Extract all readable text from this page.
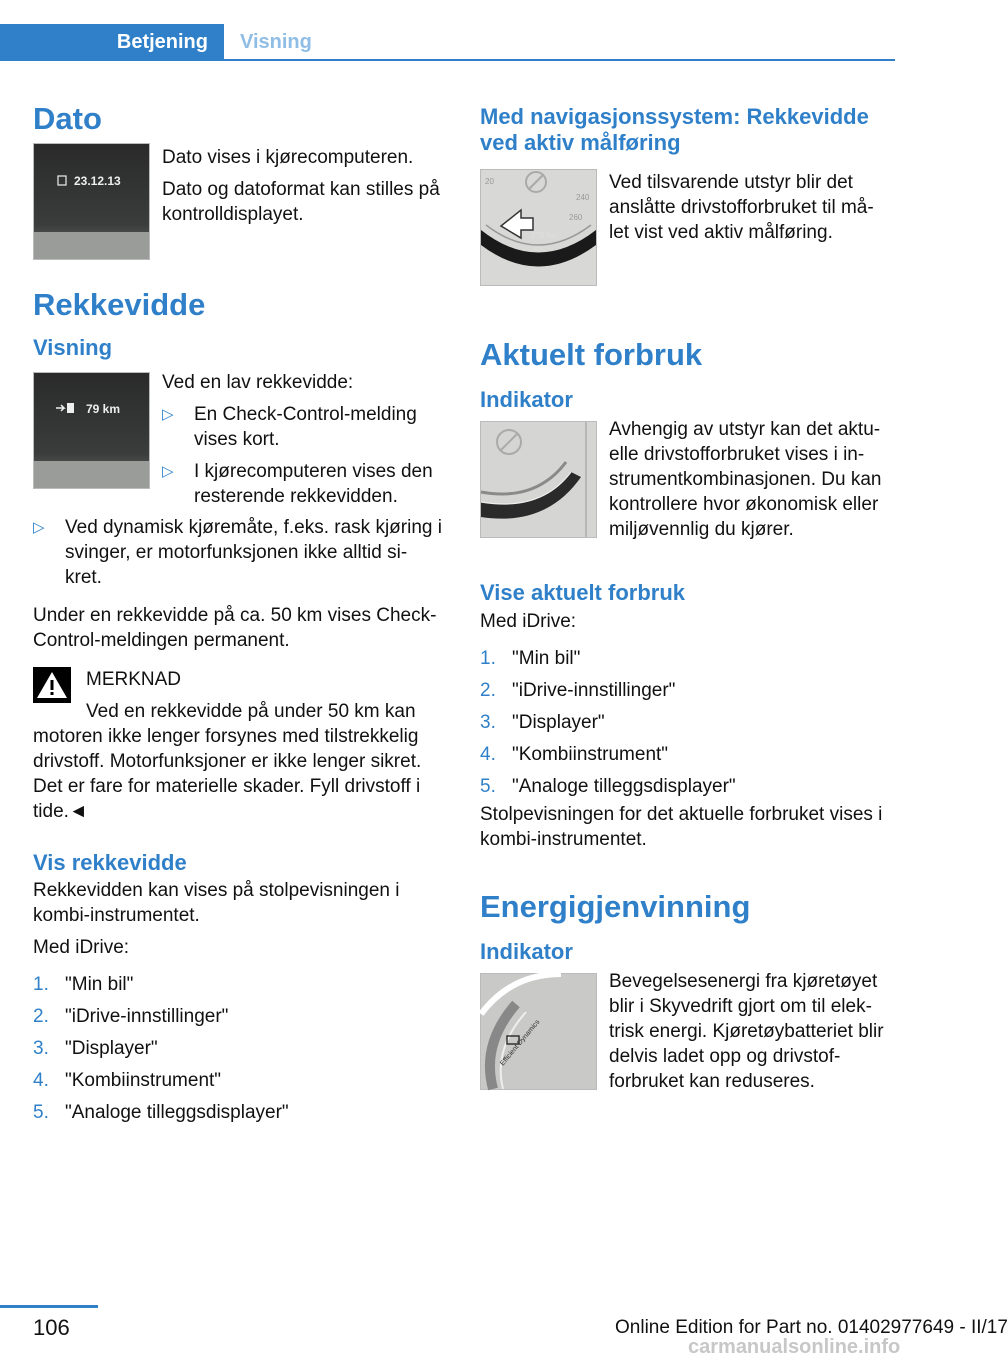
Betjening	Visning
Dato
23.12.13

Dato vises i kjørecomputeren.

Dato og datoformat kan stilles på kontrolldisplayet.

Rekkevidde
Visning
79 km

Ved en lav rekkevidde:

▷	En Check-Control-melding vises kort.
▷	I kjørecomputeren vises den resterende rekkevidden.
▷	Ved dynamisk kjøremåte, f.eks. rask kjøring i svinger, er motorfunksjonen ikke alltid si- kret.

Under en rekkevidde på ca. 50 km vises Check-Control-meldingen permanent.

MERKNAD

Ved en rekkevidde på under 50 km kan

motoren ikke lenger forsynes med tilstrekkelig drivstoff. Motorfunksjoner er ikke lenger sikret. Det er fare for materielle skader. Fyll drivstoff i tide.◄

Vis rekkevidde

Rekkevidden kan vises på stolpevisningen i kombi-instrumentet.

Med iDrive:

1. "Min bil"
2. "iDrive-innstillinger"
3. "Displayer"
4. "Kombiinstrument"
5. "Analoge tilleggsdisplayer"
Med navigasjonssystem: Rekkevidde ved aktiv målføring
20
240
260
378 km
400

Ved tilsvarende utstyr blir det anslåtte drivstofforbruket til må- let vist ved aktiv målføring.

Aktuelt forbruk
Indikator

Avhengig av utstyr kan det aktu- elle drivstofforbruket vises i in- strumentkombinasjonen. Du kan kontrollere hvor økonomisk eller miljøvennlig du kjører.

Vise aktuelt forbruk

Med iDrive:

1. "Min bil"
2. "iDrive-innstillinger"
3. "Displayer"
4. "Kombiinstrument"
5. "Analoge tilleggsdisplayer"

Stolpevisningen for det aktuelle forbruket vises i kombi-instrumentet.

Energigjenvinning
Indikator
Efficient Dynamics

Bevegelsesenergi fra kjøretøyet blir i Skyvedrift gjort om til elek- trisk energi. Kjøretøybatteriet blir delvis ladet opp og drivstof- forbruket kan reduseres.

106	Online Edition for Part no. 01402977649 - II/17
carmanualsonline.info
